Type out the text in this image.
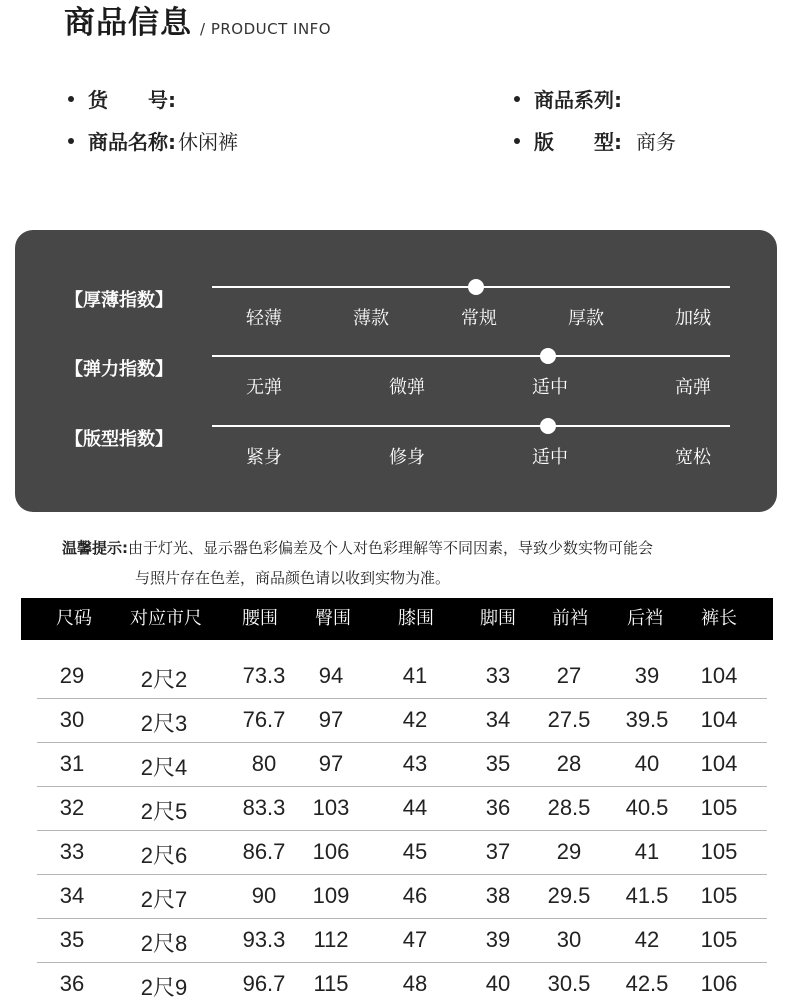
商品信息 / PRODUCT INFO
货　　号:	商品系列:
商品名称: 休闲裤	版　　型: 商务
【厚薄指数】
轻薄	薄款	常规	厚款	加绒
【弹力指数】
无弹	微弹	适中	高弹
【版型指数】
紧身	修身	适中	宽松
温馨提示:由于灯光、显示器色彩偏差及个人对色彩理解等不同因素，导致少数实物可能会
与照片存在色差，商品颜色请以收到实物为准。
尺码 对应市尺 腰围 臀围	膝围	脚围 前裆 后裆 裤长
29	2尺2	73.3 94	41	33 27 39 104
30	2尺3	76.7 97	42	34 27.5 39.5 104
31	2尺4	80 97	43	35 28 40 104
32	2尺5	83.3 103 44	36 28.5 40.5 105
33	2尺6	86.7 106 45	37 29 41 105
34	2尺7	90 109 46	38 29.5 41.5 105
35	2尺8	93.3 112 47	39 30 42 105
36	2尺9	96.7 115 48	40 30.5 42.5 106
